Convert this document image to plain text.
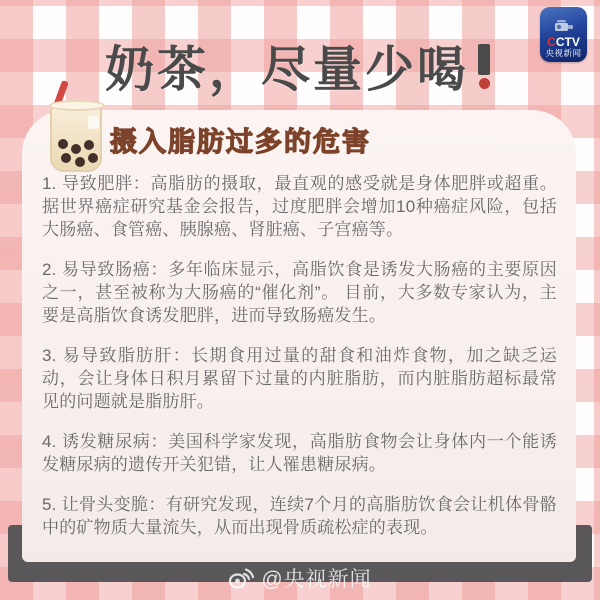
奶茶，尽量少喝
CCTV
央视新闻
摄入脂肪过多的危害

1. 导致肥胖：高脂肪的摄取，最直观的感受就是身体肥胖或超重。据世界癌症研究基金会报告，过度肥胖会增加10种癌症风险，包括大肠癌、食管癌、胰腺癌、肾脏癌、子宫癌等。

2. 易导致肠癌：多年临床显示，高脂饮食是诱发大肠癌的主要原因之一，甚至被称为大肠癌的“催化剂”。 目前，大多数专家认为，主要是高脂饮食诱发肥胖，进而导致肠癌发生。

3. 易导致脂肪肝：长期食用过量的甜食和油炸食物，加之缺乏运动，会让身体日积月累留下过量的内脏脂肪，而内脏脂肪超标最常见的问题就是脂肪肝。

4. 诱发糖尿病：美国科学家发现，高脂肪食物会让身体内一个能诱发糖尿病的遗传开关犯错，让人罹患糖尿病。

5. 让骨头变脆：有研究发现，连续7个月的高脂肪饮食会让机体骨骼中的矿物质大量流失，从而出现骨质疏松症的表现。

@央视新闻
